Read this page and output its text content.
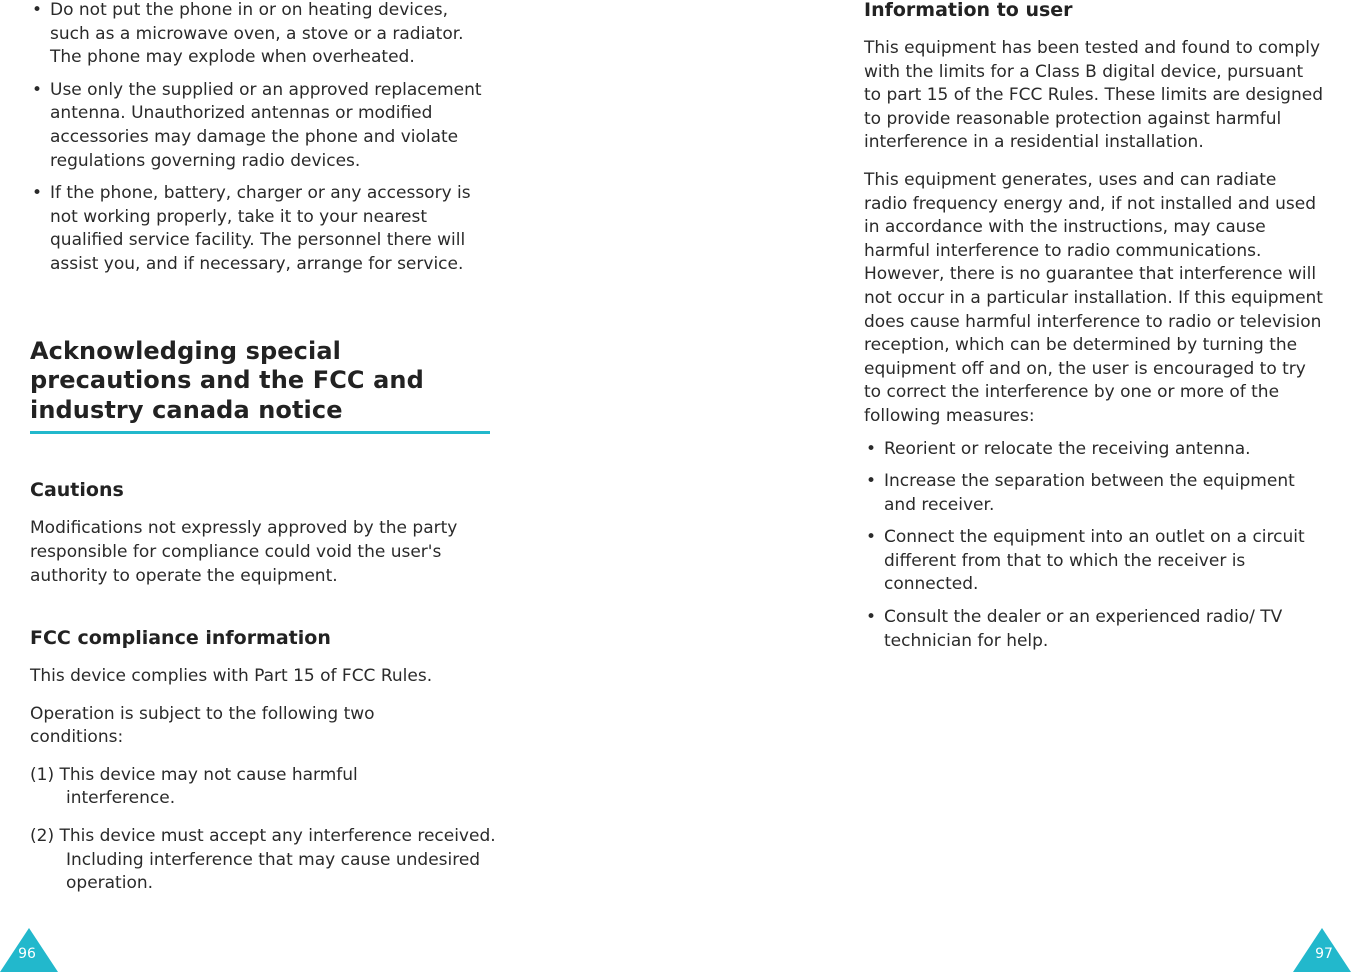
• Do not put the phone in or on heating devices, such as a microwave oven, a stove or a radiator. The phone may explode when overheated.
• Use only the supplied or an approved replacement antenna. Unauthorized antennas or modified accessories may damage the phone and violate regulations governing radio devices.
• If the phone, battery, charger or any accessory is not working properly, take it to your nearest qualified service facility. The personnel there will assist you, and if necessary, arrange for service.
Acknowledging special precautions and the FCC and industry canada notice
Cautions

Modifications not expressly approved by the party responsible for compliance could void the user's authority to operate the equipment.

FCC compliance information

This device complies with Part 15 of FCC Rules.

Operation is subject to the following two conditions:

(1) This device may not cause harmful interference.

(2) This device must accept any interference received. Including interference that may cause undesired operation.

96
Information to user

This equipment has been tested and found to comply with the limits for a Class B digital device, pursuant to part 15 of the FCC Rules. These limits are designed to provide reasonable protection against harmful interference in a residential installation.

This equipment generates, uses and can radiate radio frequency energy and, if not installed and used in accordance with the instructions, may cause harmful interference to radio communications. However, there is no guarantee that interference will not occur in a particular installation. If this equipment does cause harmful interference to radio or television reception, which can be determined by turning the equipment off and on, the user is encouraged to try to correct the interference by one or more of the following measures:

• Reorient or relocate the receiving antenna.
• Increase the separation between the equipment and receiver.
• Connect the equipment into an outlet on a circuit different from that to which the receiver is connected.
• Consult the dealer or an experienced radio/ TV technician for help.
97
